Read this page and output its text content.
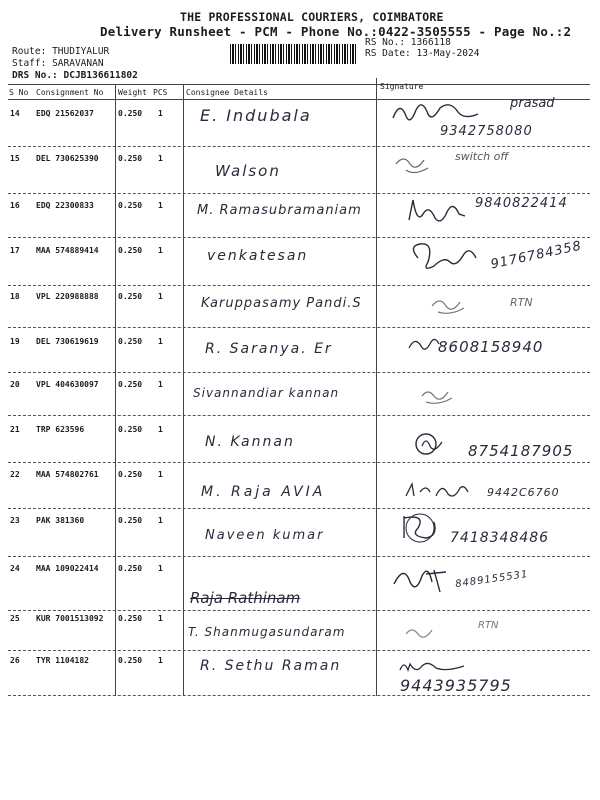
THE PROFESSIONAL COURIERS, COIMBATORE
Delivery Runsheet - PCM - Phone No.:0422-3505555 - Page No.:2
Route: THUDIYALUR
Staff: SARAVANAN
DRS No.: DCJB136611802
RS No.: 1366118
RS Date: 13-May-2024
S No Consignment No Weight PCS Consignee Details
Signature
14 EDQ 21562037	0.250 1 E. Indubala
prasad
9342758080
15 DEL 730625390 0.250 1
Walson
switch off
16 EDQ 22300833	0.250 1	M. Ramasubramaniam	9840822414
17 MAA 574889414 0.250 1	venkatesan	9176784358
18 VPL 220988888 0.250 1	Karuppasamy Pandi.S	RTN
19 DEL 730619619 0.250 1	R. Saranya. Er	8608158940
20 VPL 404630097 0.250 1
Sivannandiar kannan
21 TRP 623596	0.250 1
N. Kannan	8754187905
22 MAA 574802761 0.250 1
M. Raja AVIA	9442C6760
23 PAK 381360	0.250 1
Naveen kumar	7418348486
24 MAA 109022414 0.250 1
Raja Rathinam
8489155531
25 KUR 7001513092 0.250 1
T. Shanmugasundaram	RTN
26 TYR 1104182	0.250 1	R. Sethu Raman
9443935795
